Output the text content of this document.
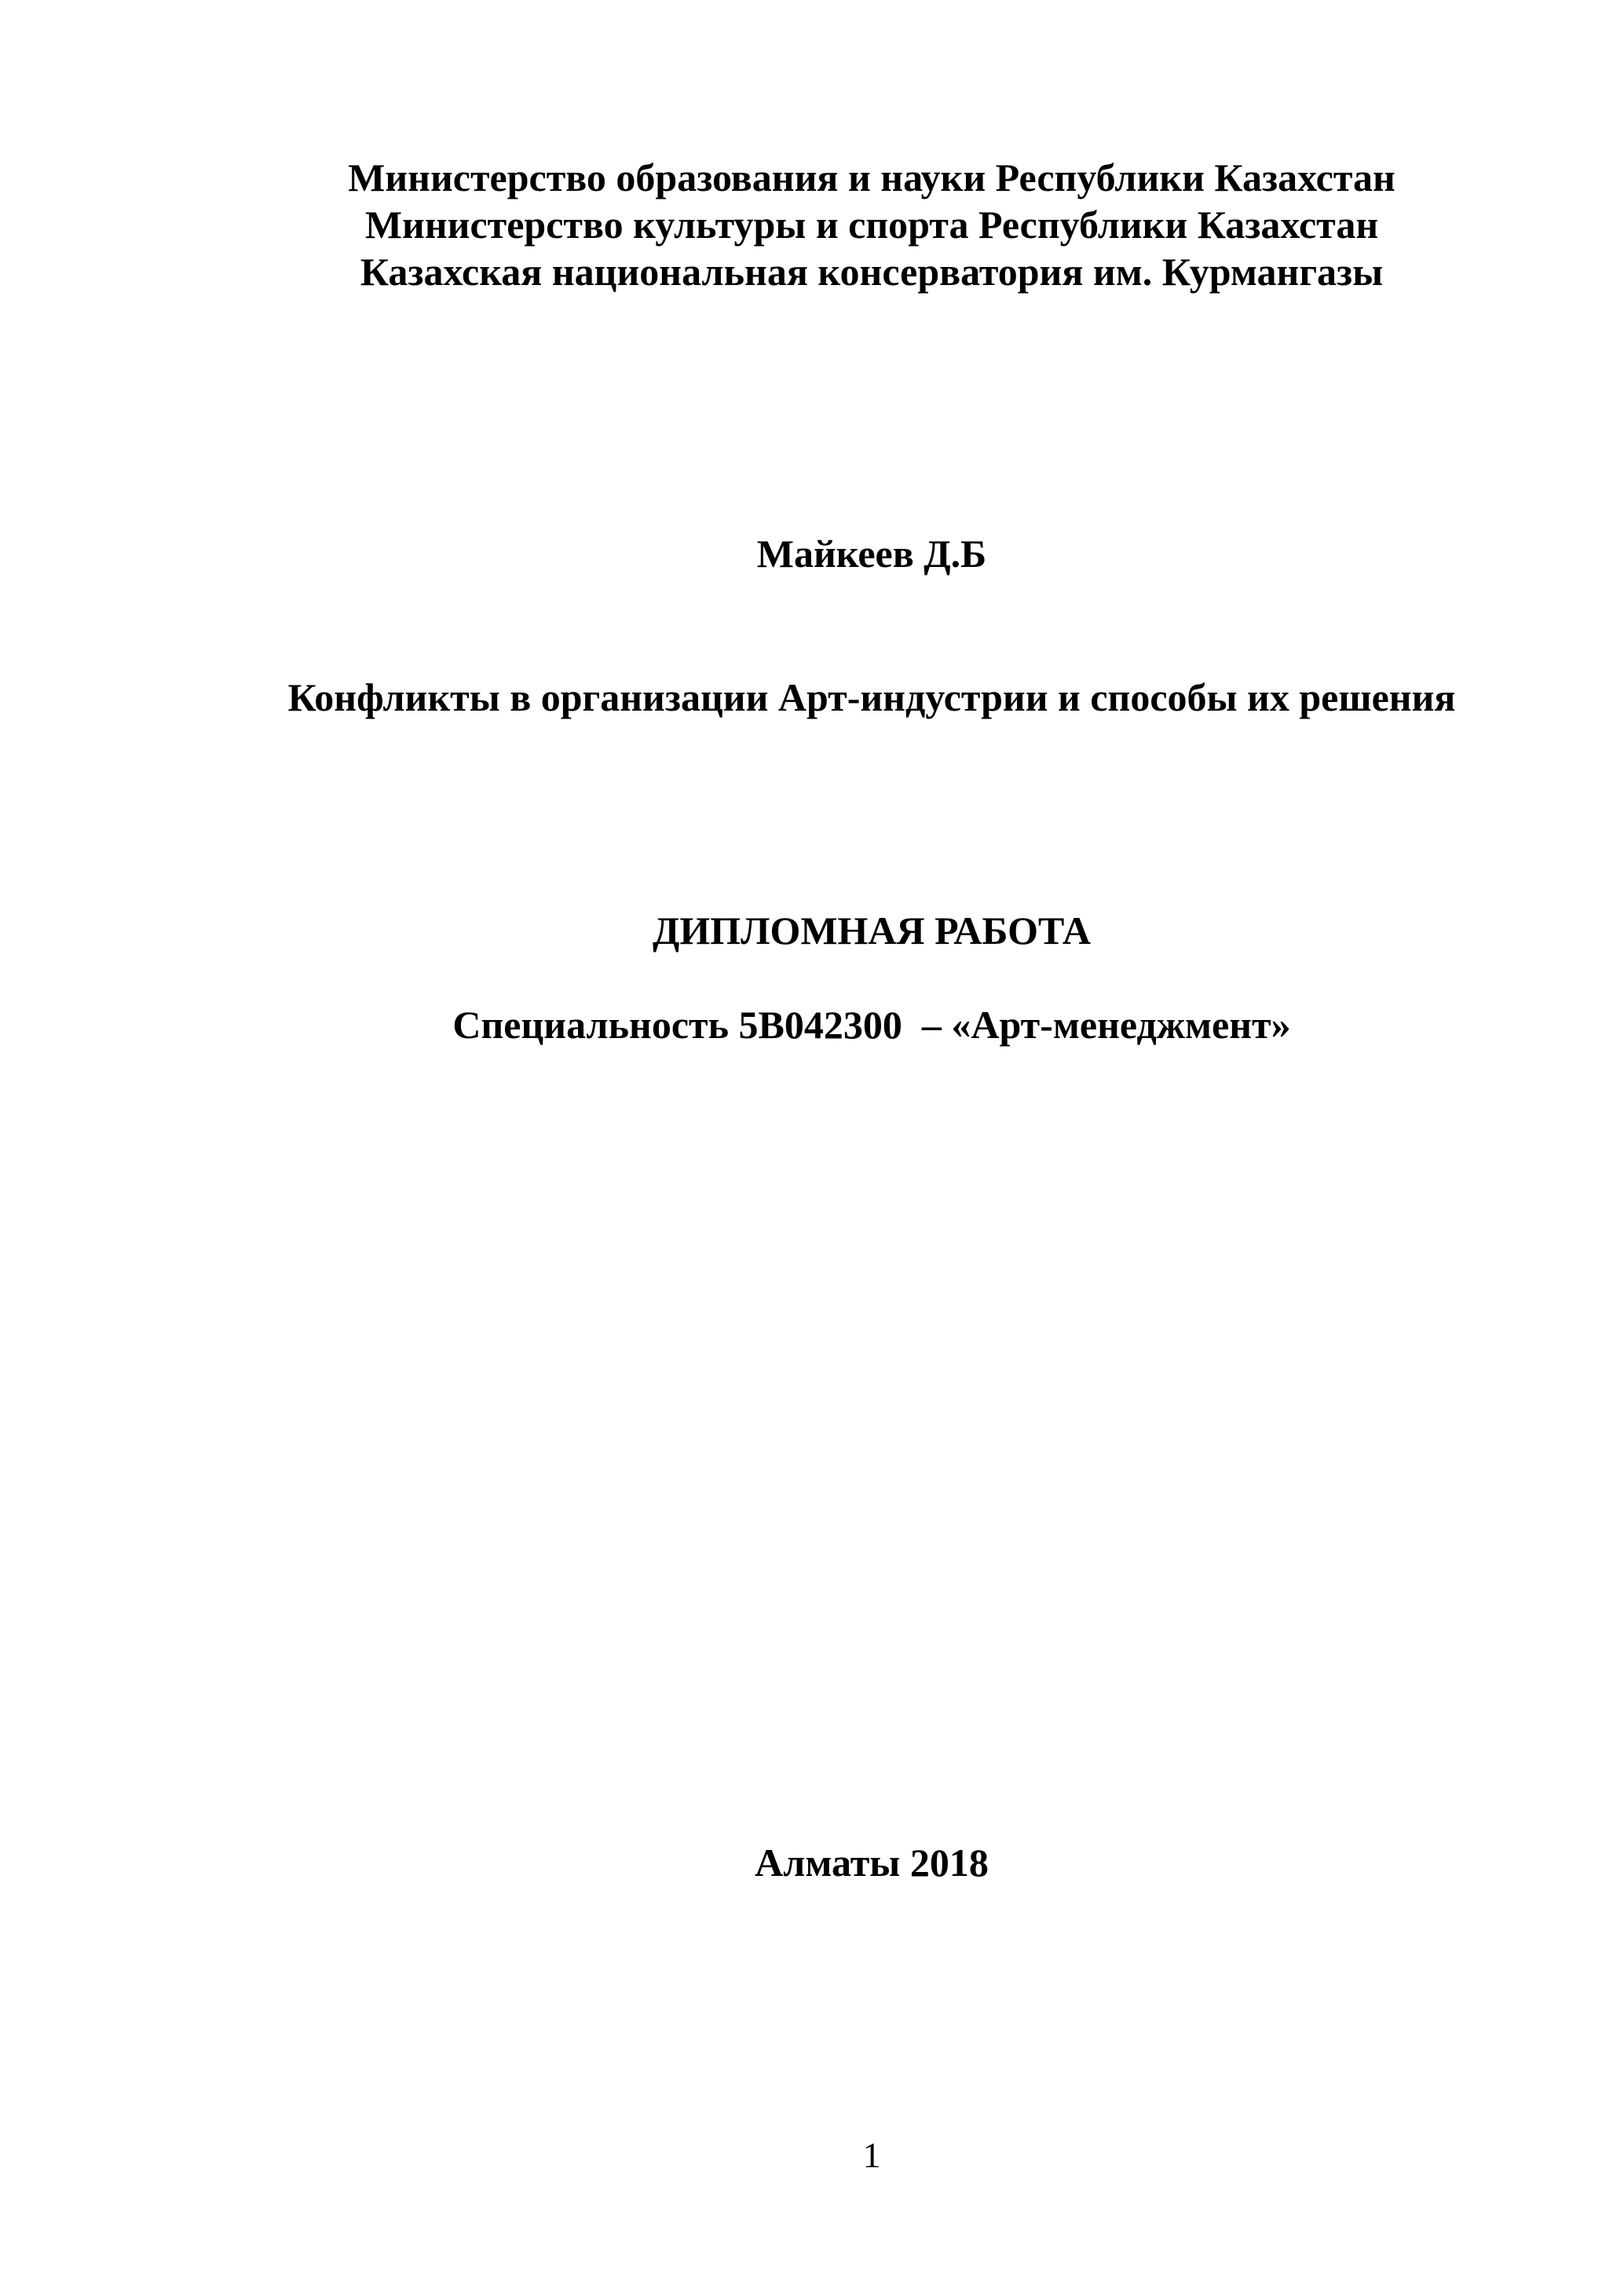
Министерство образования и науки Республики Казахстан
Министерство культуры и спорта Республики Казахстан
Казахская национальная консерватория им. Курмангазы
Майкеев Д.Б
Конфликты в организации Арт-индустрии и способы их решения
ДИПЛОМНАЯ РАБОТА
Специальность 5В042300  – «Арт-менеджмент»
Алматы 2018
1
